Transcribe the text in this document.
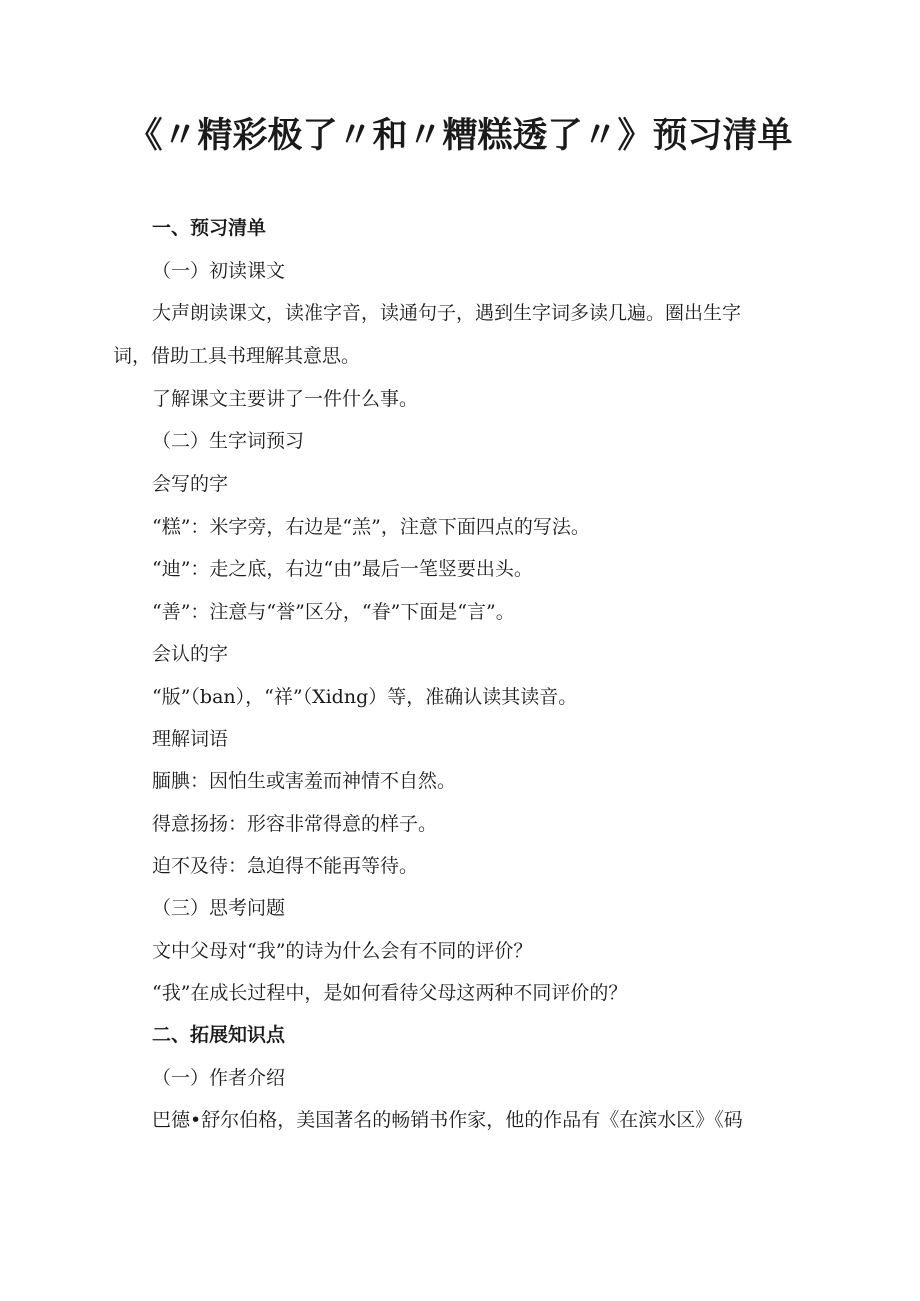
《〃精彩极了〃和〃糟糕透了〃》预习清单

一、预习清单

（一）初读课文

大声朗读课文，读准字音，读通句子，遇到生字词多读几遍。圈出生字

词，借助工具书理解其意思。

了解课文主要讲了一件什么事。

（二）生字词预习

会写的字

“糕”：米字旁，右边是“羔”，注意下面四点的写法。

“迪”：走之底，右边“由”最后一笔竖要出头。

“善”：注意与“誉”区分，“眷”下面是“言”。

会认的字

“版”（ban），“祥”（Xidng）等，准确认读其读音。

理解词语

腼腆：因怕生或害羞而神情不自然。

得意扬扬：形容非常得意的样子。

迫不及待：急迫得不能再等待。

（三）思考问题

文中父母对“我”的诗为什么会有不同的评价？

“我”在成长过程中，是如何看待父母这两种不同评价的？

二、拓展知识点

（一）作者介绍

巴德•舒尔伯格，美国著名的畅销书作家，他的作品有《在滨水区》《码
